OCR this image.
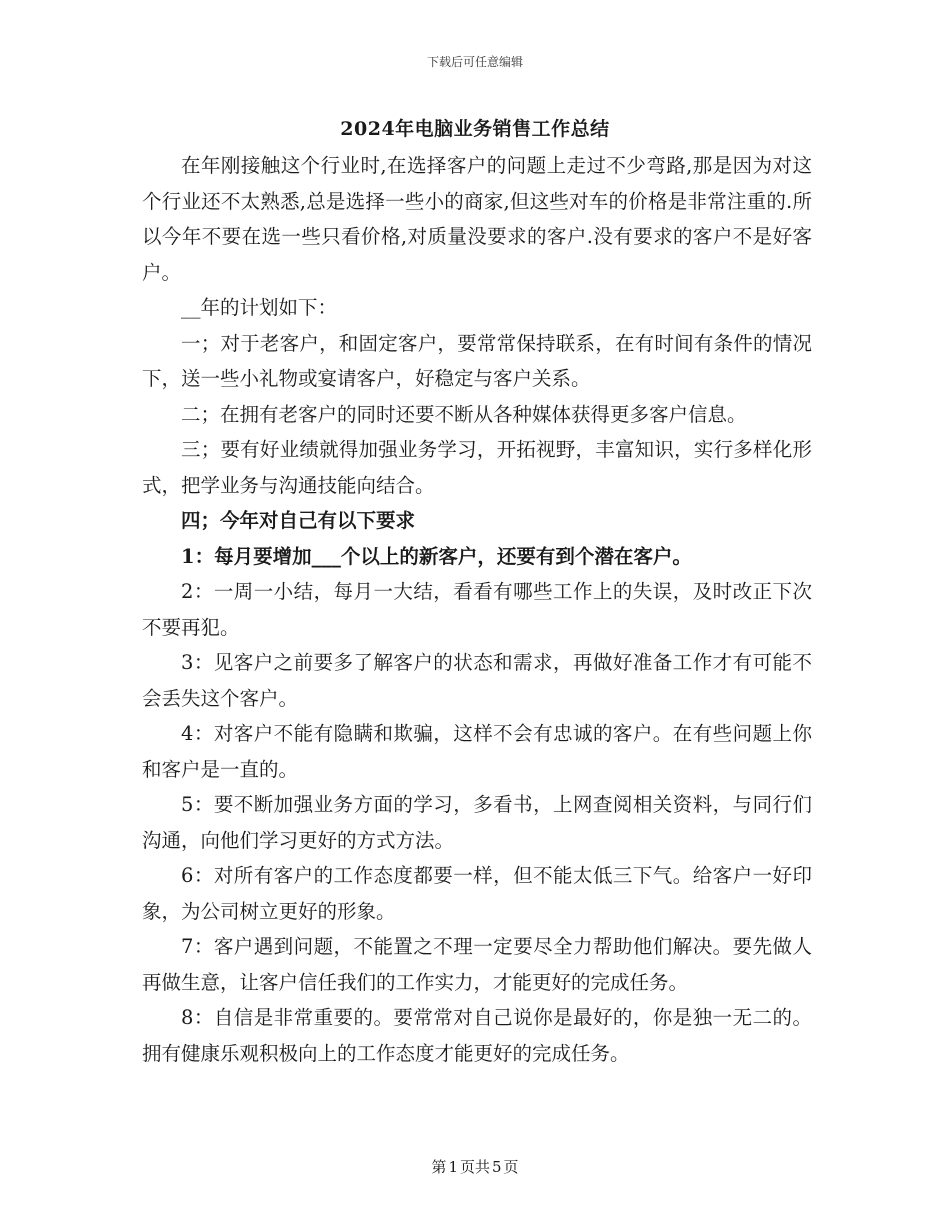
下载后可任意编辑
2024年电脑业务销售工作总结

在年刚接触这个行业时,在选择客户的问题上走过不少弯路,那是因为对这个行业还不太熟悉,总是选择一些小的商家,但这些对车的价格是非常注重的.所以今年不要在选一些只看价格,对质量没要求的客户.没有要求的客户不是好客户。

__年的计划如下：

一；对于老客户，和固定客户，要常常保持联系，在有时间有条件的情况下，送一些小礼物或宴请客户，好稳定与客户关系。

二；在拥有老客户的同时还要不断从各种媒体获得更多客户信息。

三；要有好业绩就得加强业务学习，开拓视野，丰富知识，实行多样化形式，把学业务与沟通技能向结合。

四；今年对自己有以下要求

1：每月要增加___个以上的新客户，还要有到个潜在客户。

2：一周一小结，每月一大结，看看有哪些工作上的失误，及时改正下次不要再犯。

3：见客户之前要多了解客户的状态和需求，再做好准备工作才有可能不会丢失这个客户。

4：对客户不能有隐瞒和欺骗，这样不会有忠诚的客户。在有些问题上你和客户是一直的。

5：要不断加强业务方面的学习，多看书，上网查阅相关资料，与同行们沟通，向他们学习更好的方式方法。

6：对所有客户的工作态度都要一样，但不能太低三下气。给客户一好印象，为公司树立更好的形象。

7：客户遇到问题，不能置之不理一定要尽全力帮助他们解决。要先做人再做生意，让客户信任我们的工作实力，才能更好的完成任务。

8：自信是非常重要的。要常常对自己说你是最好的，你是独一无二的。拥有健康乐观积极向上的工作态度才能更好的完成任务。

第 1 页共 5 页
